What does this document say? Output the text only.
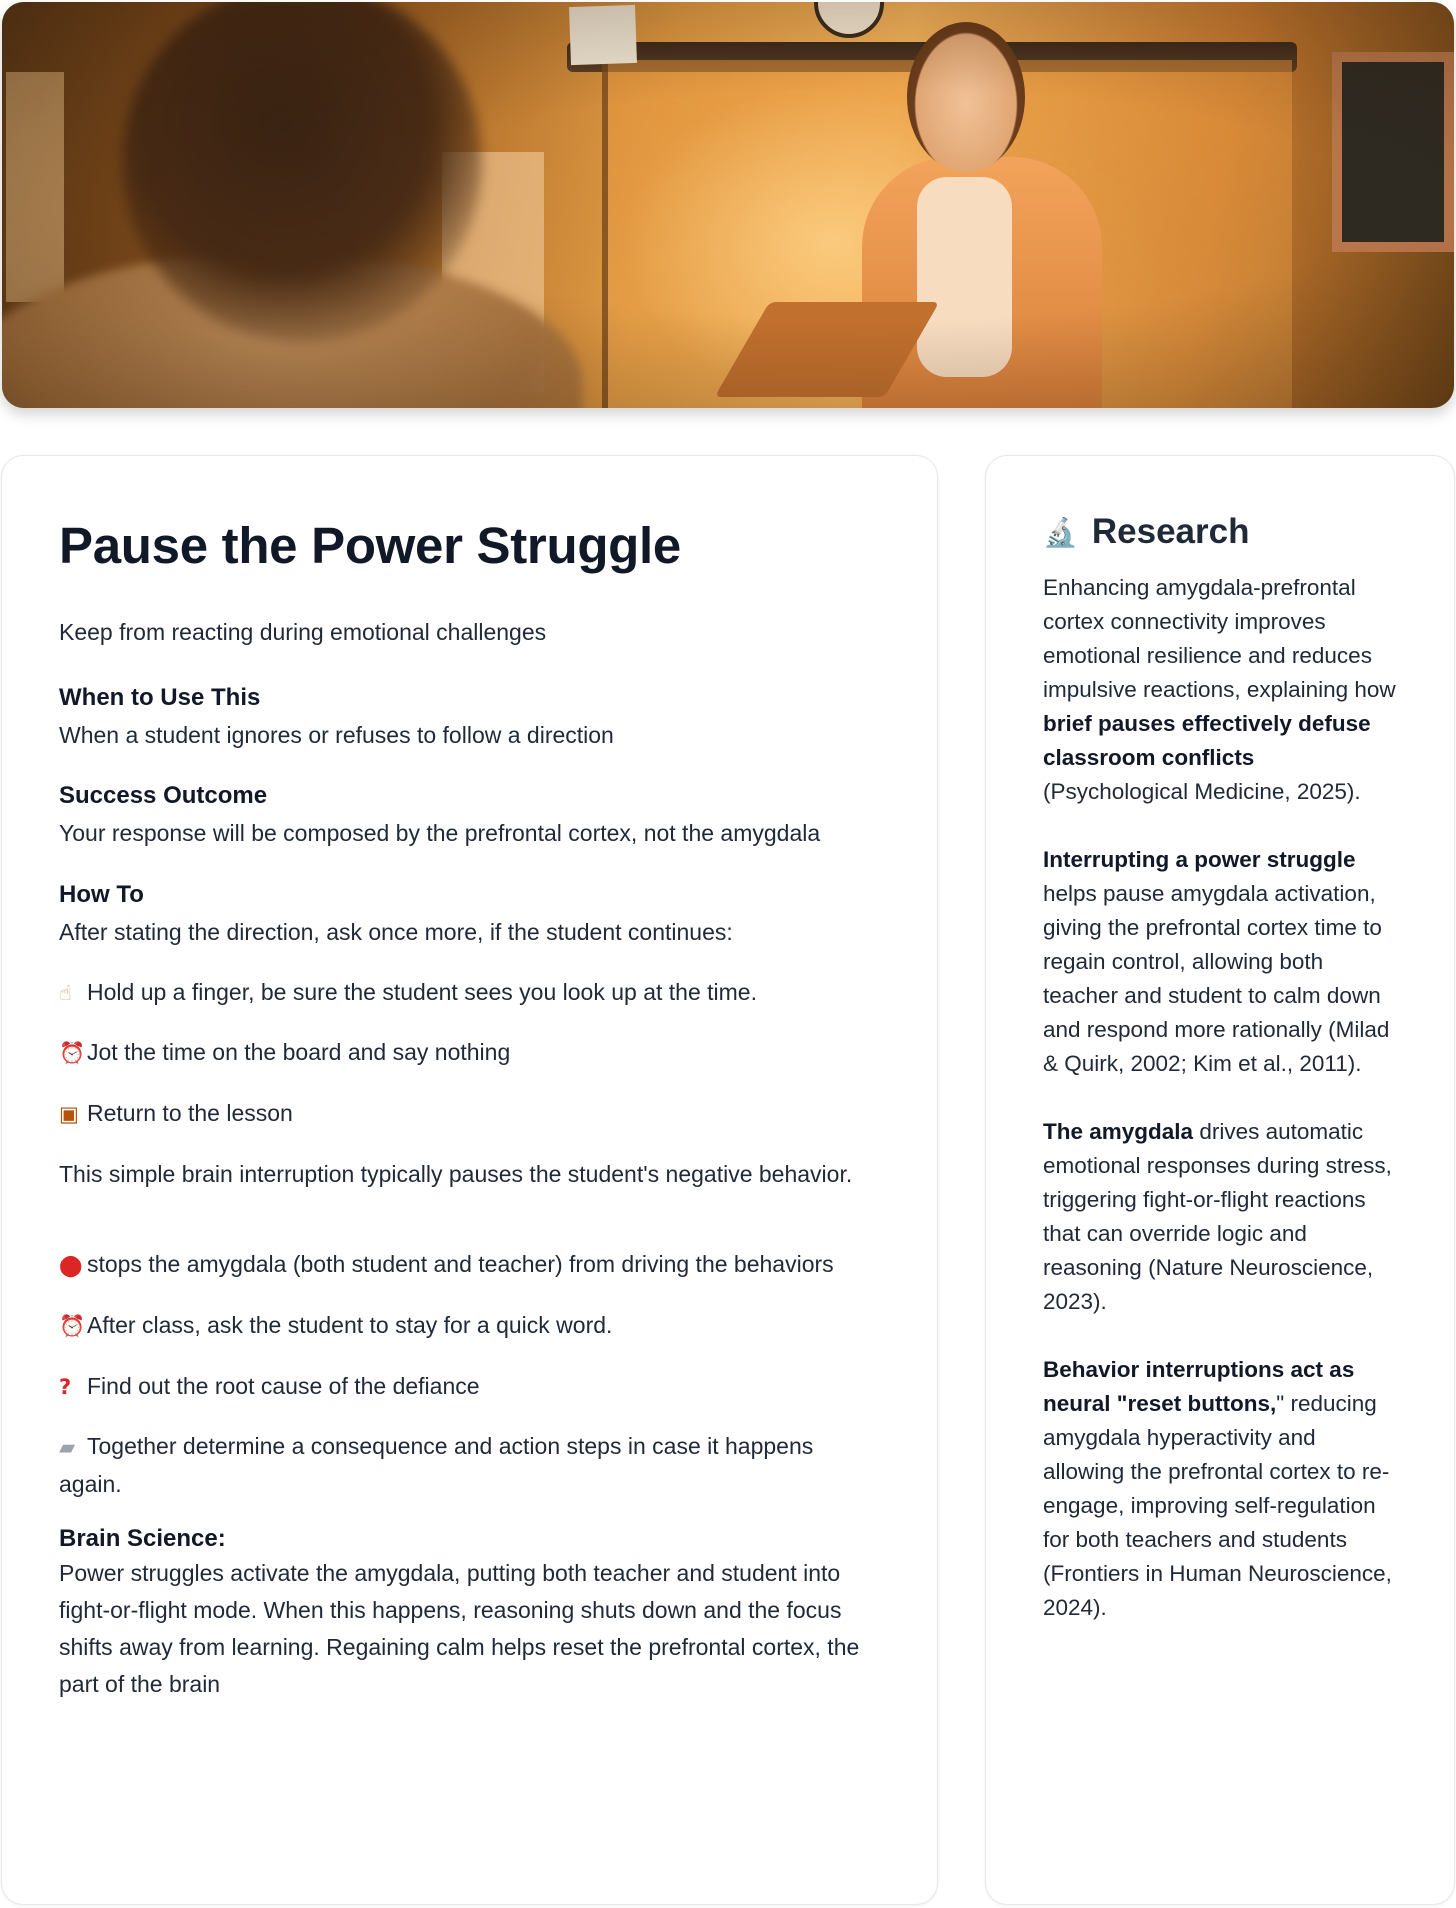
Pause the Power Struggle

Keep from reacting during emotional challenges

When to Use This

When a student ignores or refuses to follow a direction

Success Outcome

Your response will be composed by the prefrontal cortex, not the amygdala

How To

After stating the direction, ask once more, if the student continues:

☝ Hold up a finger, be sure the student sees you look up at the time.

⏰Jot the time on the board and say nothing

▣ Return to the lesson

This simple brain interruption typically pauses the student's negative behavior.

⬤ stops the amygdala (both student and teacher) from driving the behaviors

⏰After class, ask the student to stay for a quick word.

? Find out the root cause of the defiance

▰ Together determine a consequence and action steps in case it happens again.

Brain Science:

Power struggles activate the amygdala, putting both teacher and student into fight-or-flight mode. When this happens, reasoning shuts down and the focus shifts away from learning. Regaining calm helps reset the prefrontal cortex, the part of the brain

🔬 Research

Enhancing amygdala-prefrontal cortex connectivity improves emotional resilience and reduces impulsive reactions, explaining how brief pauses effectively defuse classroom conflicts (Psychological Medicine, 2025).

Interrupting a power struggle helps pause amygdala activation, giving the prefrontal cortex time to regain control, allowing both teacher and student to calm down and respond more rationally (Milad & Quirk, 2002; Kim et al., 2011).

The amygdala drives automatic emotional responses during stress, triggering fight-or-flight reactions that can override logic and reasoning (Nature Neuroscience, 2023).

Behavior interruptions act as neural "reset buttons," reducing amygdala hyperactivity and allowing the prefrontal cortex to re-engage, improving self-regulation for both teachers and students (Frontiers in Human Neuroscience, 2024).
